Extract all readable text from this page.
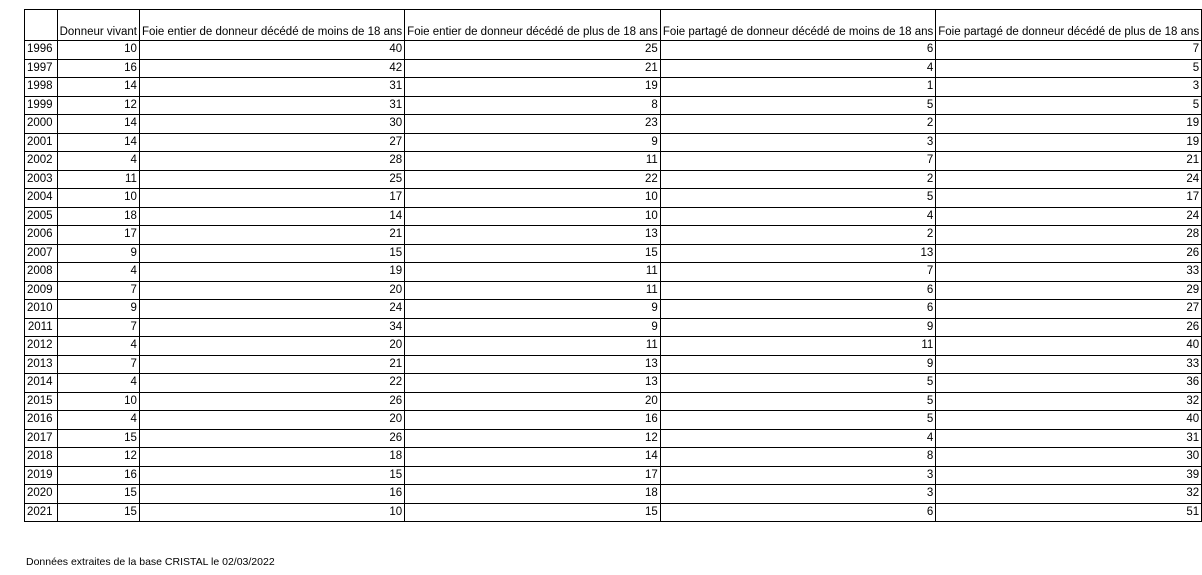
	Donneur vivant	Foie entier de donneur décédé de moins de 18 ans	Foie entier de donneur décédé de plus de 18 ans	Foie partagé de donneur décédé de moins de 18 ans	Foie partagé de donneur décédé de plus de 18 ans
1996	10	40	25	6	7
1997	16	42	21	4	5
1998	14	31	19	1	3
1999	12	31	8	5	5
2000	14	30	23	2	19
2001	14	27	9	3	19
2002	4	28	11	7	21
2003	11	25	22	2	24
2004	10	17	10	5	17
2005	18	14	10	4	24
2006	17	21	13	2	28
2007	9	15	15	13	26
2008	4	19	11	7	33
2009	7	20	11	6	29
2010	9	24	9	6	27
2011	7	34	9	9	26
2012	4	20	11	11	40
2013	7	21	13	9	33
2014	4	22	13	5	36
2015	10	26	20	5	32
2016	4	20	16	5	40
2017	15	26	12	4	31
2018	12	18	14	8	30
2019	16	15	17	3	39
2020	15	16	18	3	32
2021	15	10	15	6	51
Données extraites de la base CRISTAL le 02/03/2022
